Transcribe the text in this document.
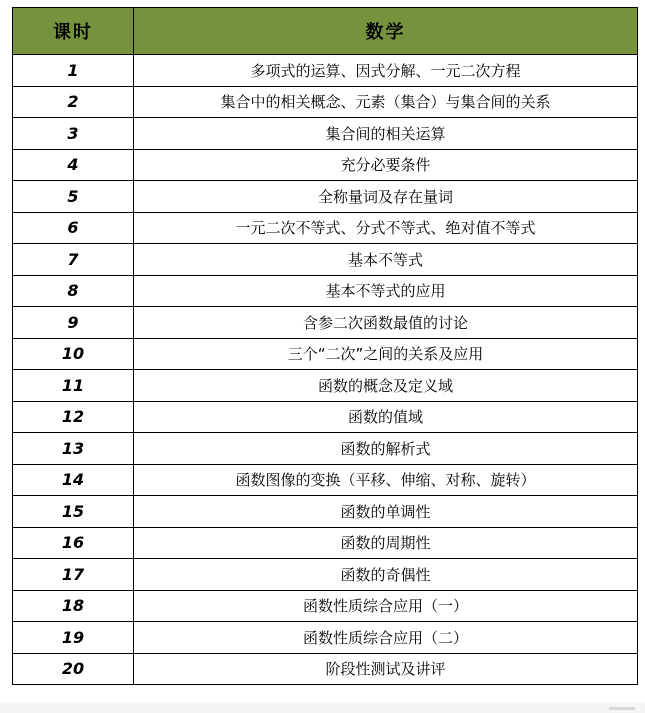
课时	数学
1	多项式的运算、因式分解、一元二次方程
2	集合中的相关概念、元素（集合）与集合间的关系
3	集合间的相关运算
4	充分必要条件
5	全称量词及存在量词
6	一元二次不等式、分式不等式、绝对值不等式
7	基本不等式
8	基本不等式的应用
9	含参二次函数最值的讨论
10	三个“二次”之间的关系及应用
11	函数的概念及定义域
12	函数的值域
13	函数的解析式
14	函数图像的变换（平移、伸缩、对称、旋转）
15	函数的单调性
16	函数的周期性
17	函数的奇偶性
18	函数性质综合应用（一）
19	函数性质综合应用（二）
20	阶段性测试及讲评
